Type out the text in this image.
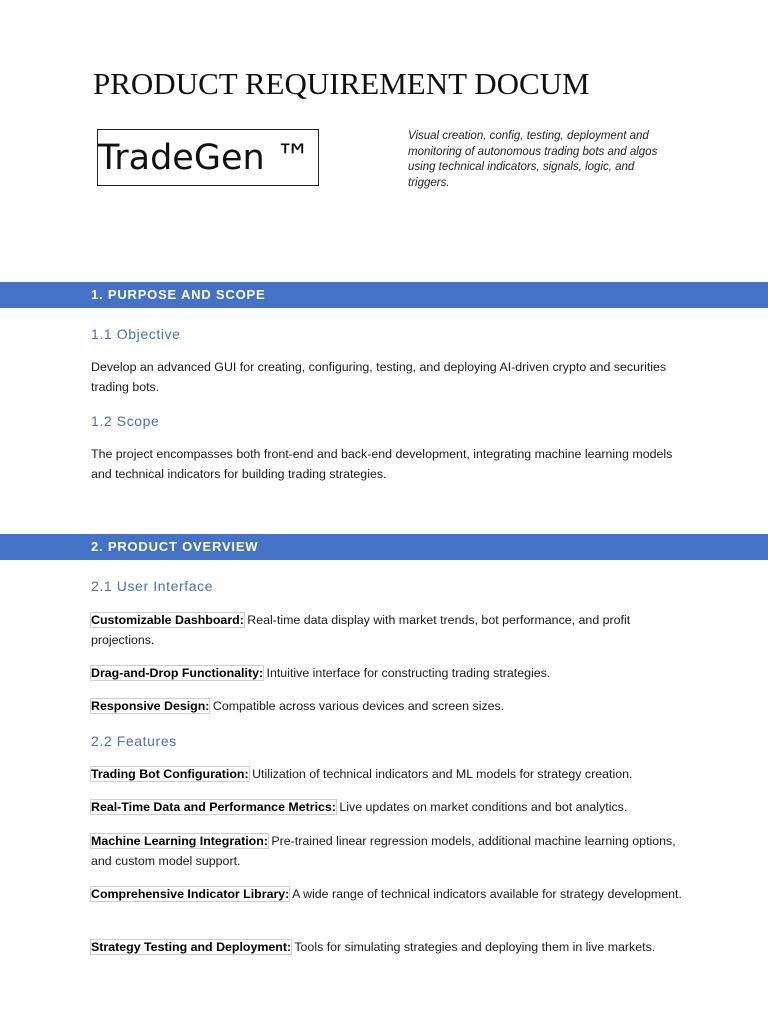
PRODUCT REQUIREMENT DOCUM
TradeGen ™
Visual creation, config, testing, deployment and monitoring of autonomous trading bots and algos using technical indicators, signals, logic, and triggers.
1. PURPOSE AND SCOPE
1.1 Objective
Develop an advanced GUI for creating, configuring, testing, and deploying AI-driven crypto and securities trading bots.
1.2 Scope
The project encompasses both front-end and back-end development, integrating machine learning models and technical indicators for building trading strategies.
2. PRODUCT OVERVIEW
2.1 User Interface
Customizable Dashboard: Real-time data display with market trends, bot performance, and profit projections.
Drag-and-Drop Functionality: Intuitive interface for constructing trading strategies.
Responsive Design: Compatible across various devices and screen sizes.
2.2 Features
Trading Bot Configuration: Utilization of technical indicators and ML models for strategy creation.
Real-Time Data and Performance Metrics: Live updates on market conditions and bot analytics.
Machine Learning Integration: Pre-trained linear regression models, additional machine learning options, and custom model support.
Comprehensive Indicator Library: A wide range of technical indicators available for strategy development.
Strategy Testing and Deployment: Tools for simulating strategies and deploying them in live markets.
